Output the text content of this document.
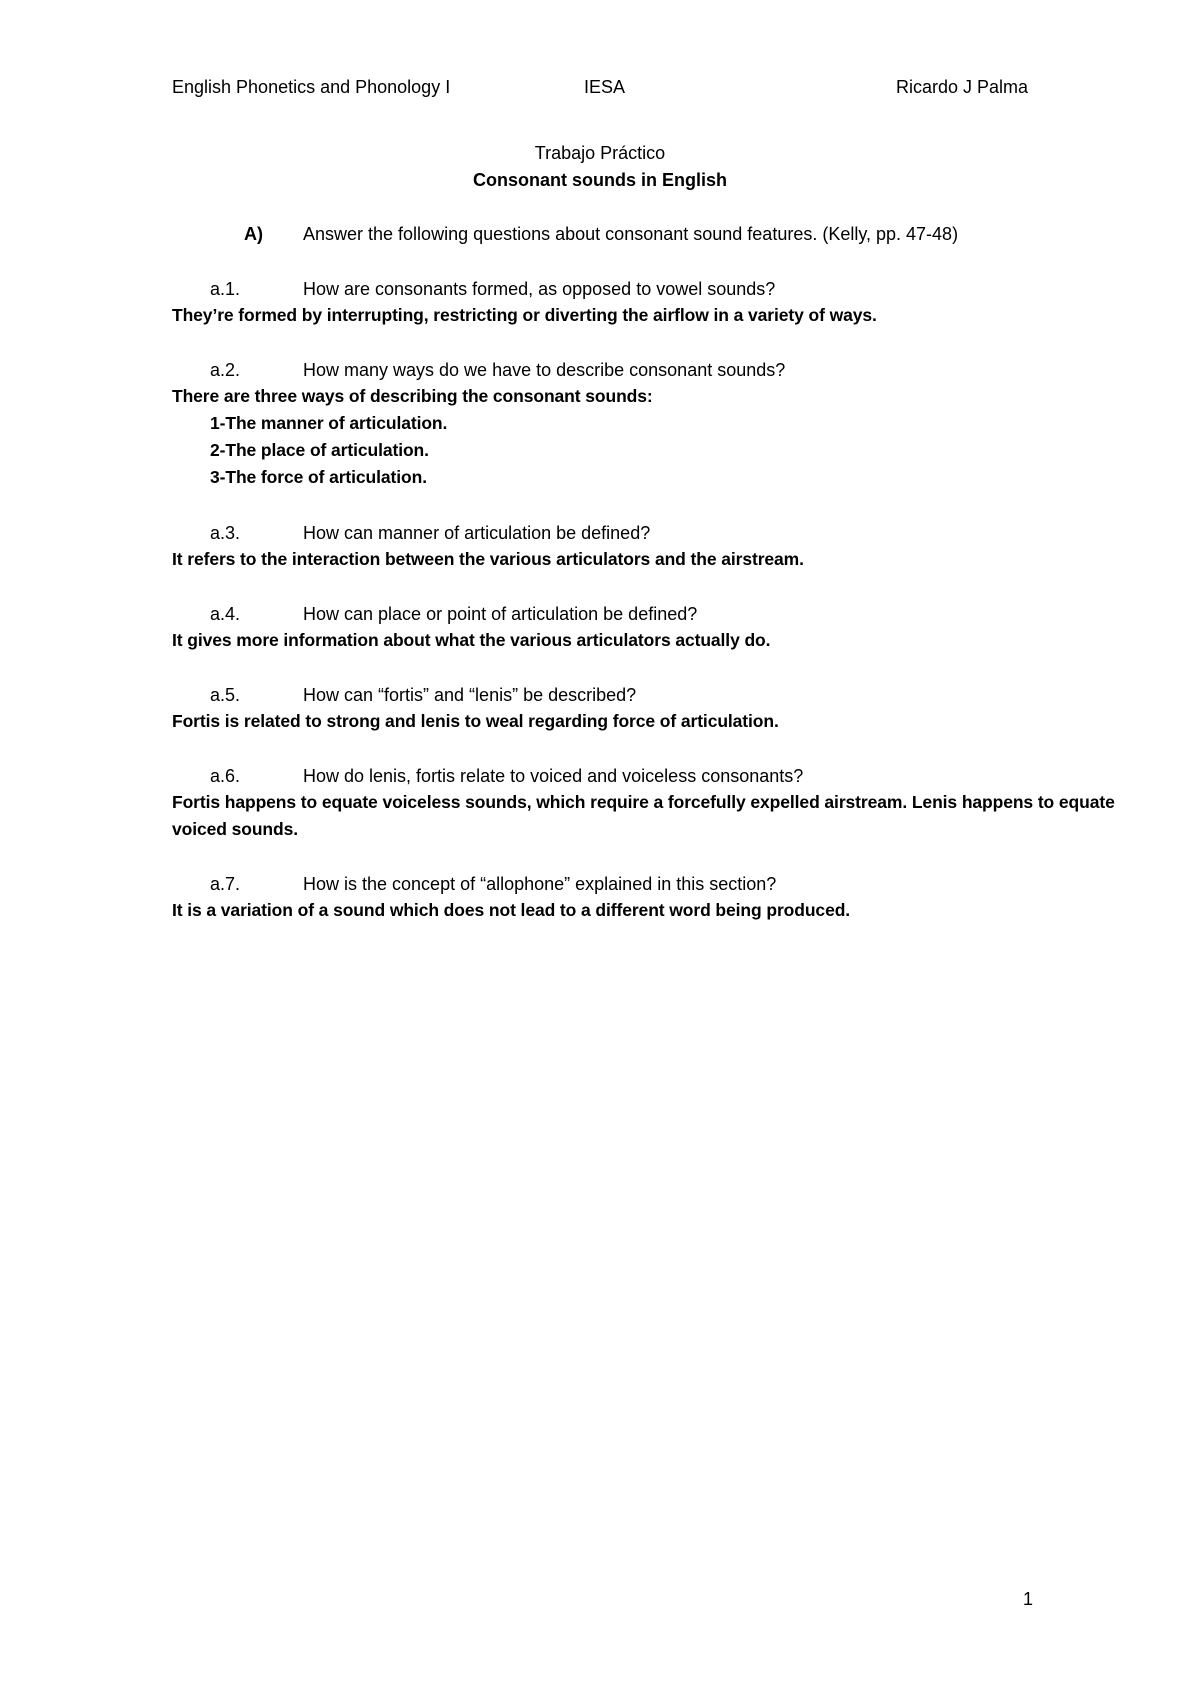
English Phonetics and Phonology I	IESA	Ricardo J Palma
Trabajo Práctico
Consonant sounds in English
A) Answer the following questions about consonant sound features. (Kelly, pp. 47-48)
a.1.	How are consonants formed, as opposed to vowel sounds?
They’re formed by interrupting, restricting or diverting the airflow in a variety of ways.
a.2.	How many ways do we have to describe consonant sounds?
There are three ways of describing the consonant sounds:
1-The manner of articulation.
2-The place of articulation.
3-The force of articulation.
a.3.	How can manner of articulation be defined?
It refers to the interaction between the various articulators and the airstream.
a.4.	How can place or point of articulation be defined?
It gives more information about what the various articulators actually do.
a.5.	How can “fortis” and “lenis” be described?
Fortis is related to strong and lenis to weal regarding force of articulation.
a.6.	How do lenis, fortis relate to voiced and voiceless consonants?
Fortis happens to equate voiceless sounds, which require a forcefully expelled airstream. Lenis happens to equate voiced sounds.
a.7.	How is the concept of “allophone” explained in this section?
It is a variation of a sound which does not lead to a different word being produced.
1
